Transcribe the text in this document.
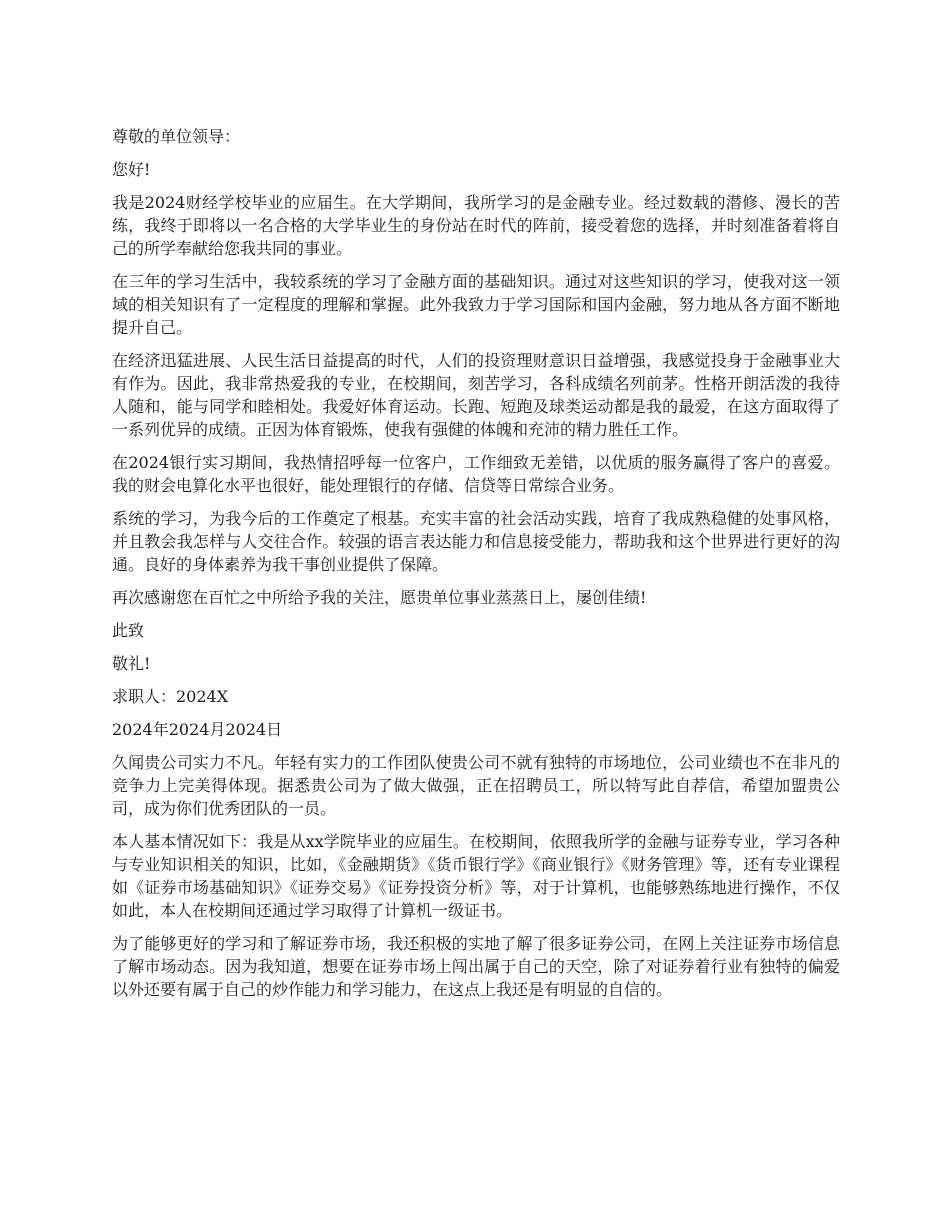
尊敬的单位领导：

您好!

我是2024财经学校毕业的应届生。在大学期间，我所学习的是金融专业。经过数载的潜修、漫长的苦练，我终于即将以一名合格的大学毕业生的身份站在时代的阵前，接受着您的选择，并时刻准备着将自己的所学奉献给您我共同的事业。

在三年的学习生活中，我较系统的学习了金融方面的基础知识。通过对这些知识的学习，使我对这一领域的相关知识有了一定程度的理解和掌握。此外我致力于学习国际和国内金融，努力地从各方面不断地提升自己。

在经济迅猛进展、人民生活日益提高的时代，人们的投资理财意识日益增强，我感觉投身于金融事业大有作为。因此，我非常热爱我的专业，在校期间，刻苦学习，各科成绩名列前茅。性格开朗活泼的我待人随和，能与同学和睦相处。我爱好体育运动。长跑、短跑及球类运动都是我的最爱，在这方面取得了一系列优异的成绩。正因为体育锻炼，使我有强健的体魄和充沛的精力胜任工作。

在2024银行实习期间，我热情招呼每一位客户，工作细致无差错，以优质的服务赢得了客户的喜爱。我的财会电算化水平也很好，能处理银行的存储、信贷等日常综合业务。

系统的学习，为我今后的工作奠定了根基。充实丰富的社会活动实践，培育了我成熟稳健的处事风格，并且教会我怎样与人交往合作。较强的语言表达能力和信息接受能力，帮助我和这个世界进行更好的沟通。良好的身体素养为我干事创业提供了保障。

再次感谢您在百忙之中所给予我的关注，愿贵单位事业蒸蒸日上，屡创佳绩!

此致

敬礼!

求职人：2024X

2024年2024月2024日

久闻贵公司实力不凡。年轻有实力的工作团队使贵公司不就有独特的市场地位，公司业绩也不在非凡的竞争力上完美得体现。据悉贵公司为了做大做强，正在招聘员工，所以特写此自荐信，希望加盟贵公司，成为你们优秀团队的一员。

本人基本情况如下：我是从xx学院毕业的应届生。在校期间，依照我所学的金融与证券专业，学习各种与专业知识相关的知识，比如，《金融期货》《货币银行学》《商业银行》《财务管理》等，还有专业课程如《证券市场基础知识》《证券交易》《证券投资分析》等，对于计算机，也能够熟练地进行操作，不仅如此，本人在校期间还通过学习取得了计算机一级证书。

为了能够更好的学习和了解证券市场，我还积极的实地了解了很多证券公司，在网上关注证券市场信息了解市场动态。因为我知道，想要在证券市场上闯出属于自己的天空，除了对证券着行业有独特的偏爱以外还要有属于自己的炒作能力和学习能力，在这点上我还是有明显的自信的。
